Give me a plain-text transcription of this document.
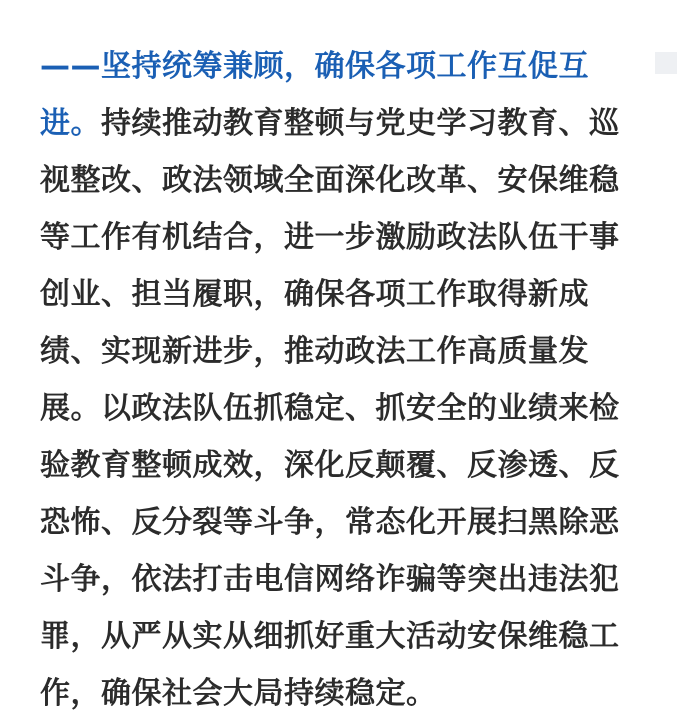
——坚持统筹兼顾，确保各项工作互促互
进。持续推动教育整顿与党史学习教育、巡
视整改、政法领域全面深化改革、安保维稳
等工作有机结合，进一步激励政法队伍干事
创业、担当履职，确保各项工作取得新成
绩、实现新进步，推动政法工作高质量发
展。以政法队伍抓稳定、抓安全的业绩来检
验教育整顿成效，深化反颠覆、反渗透、反
恐怖、反分裂等斗争，常态化开展扫黑除恶
斗争，依法打击电信网络诈骗等突出违法犯
罪，从严从实从细抓好重大活动安保维稳工
作，确保社会大局持续稳定。
